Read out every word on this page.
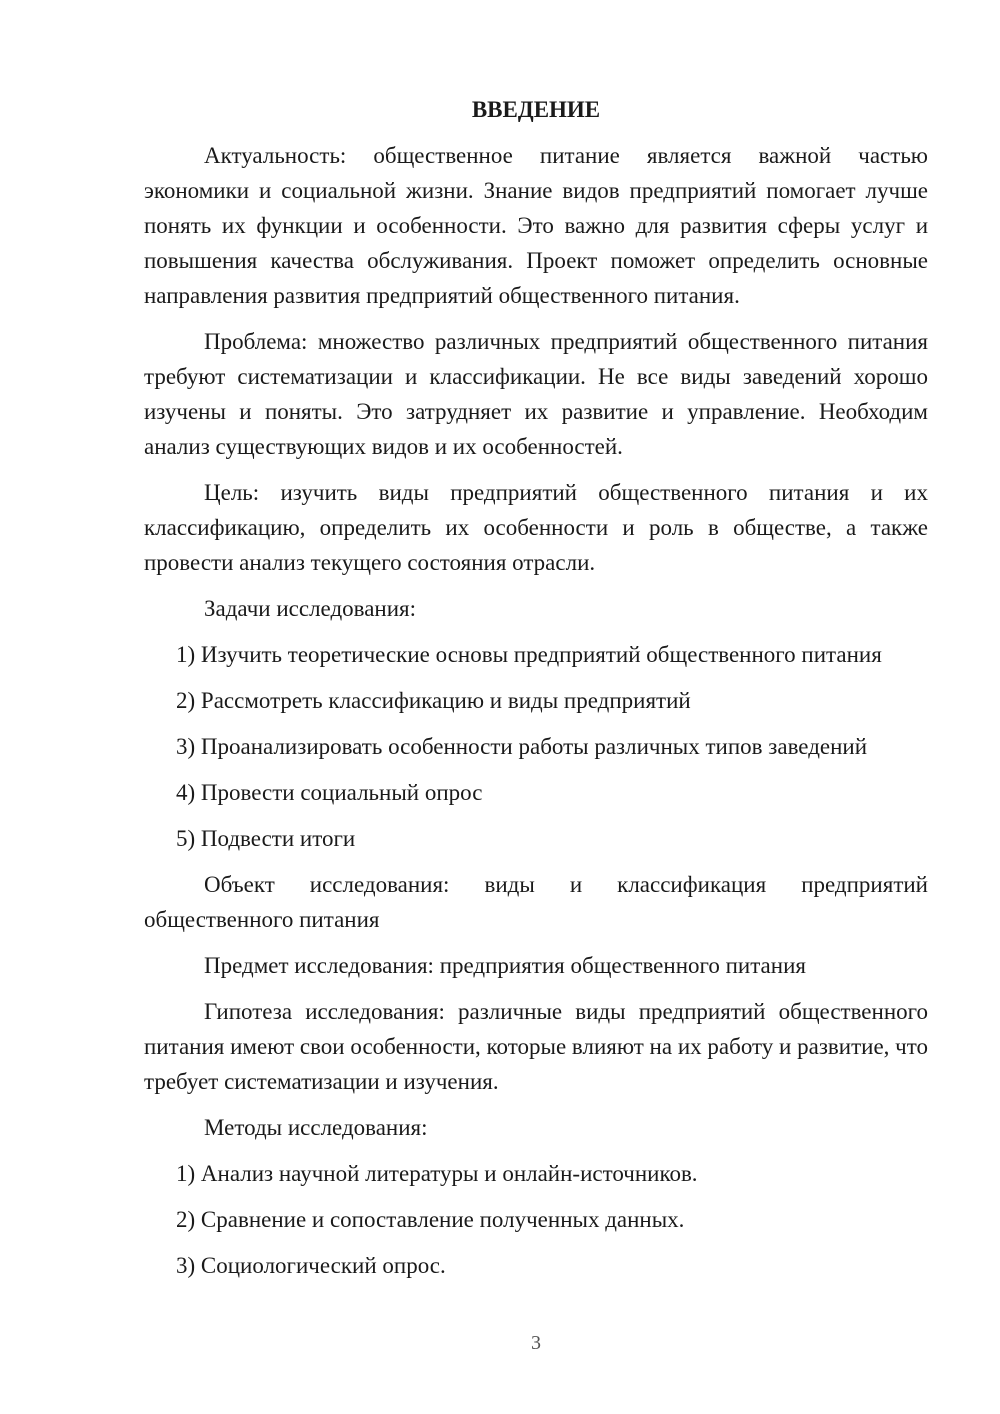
ВВЕДЕНИЕ

Актуальность: общественное питание является важной частью экономики и социальной жизни. Знание видов предприятий помогает лучше понять их функции и особенности. Это важно для развития сферы услуг и повышения качества обслуживания. Проект поможет определить основные направления развития предприятий общественного питания.

Проблема: множество различных предприятий общественного питания требуют систематизации и классификации. Не все виды заведений хорошо изучены и поняты. Это затрудняет их развитие и управление. Необходим анализ существующих видов и их особенностей.

Цель: изучить виды предприятий общественного питания и их классификацию, определить их особенности и роль в обществе, а также провести анализ текущего состояния отрасли.

Задачи исследования:

1) Изучить теоретические основы предприятий общественного питания

2) Рассмотреть классификацию и виды предприятий

3) Проанализировать особенности работы различных типов заведений

4) Провести социальный опрос

5) Подвести итоги

Объект исследования: виды и классификация предприятий общественного питания

Предмет исследования: предприятия общественного питания

Гипотеза исследования: различные виды предприятий общественного питания имеют свои особенности, которые влияют на их работу и развитие, что требует систематизации и изучения.

Методы исследования:

1) Анализ научной литературы и онлайн-источников.

2) Сравнение и сопоставление полученных данных.

3) Социологический опрос.

3
